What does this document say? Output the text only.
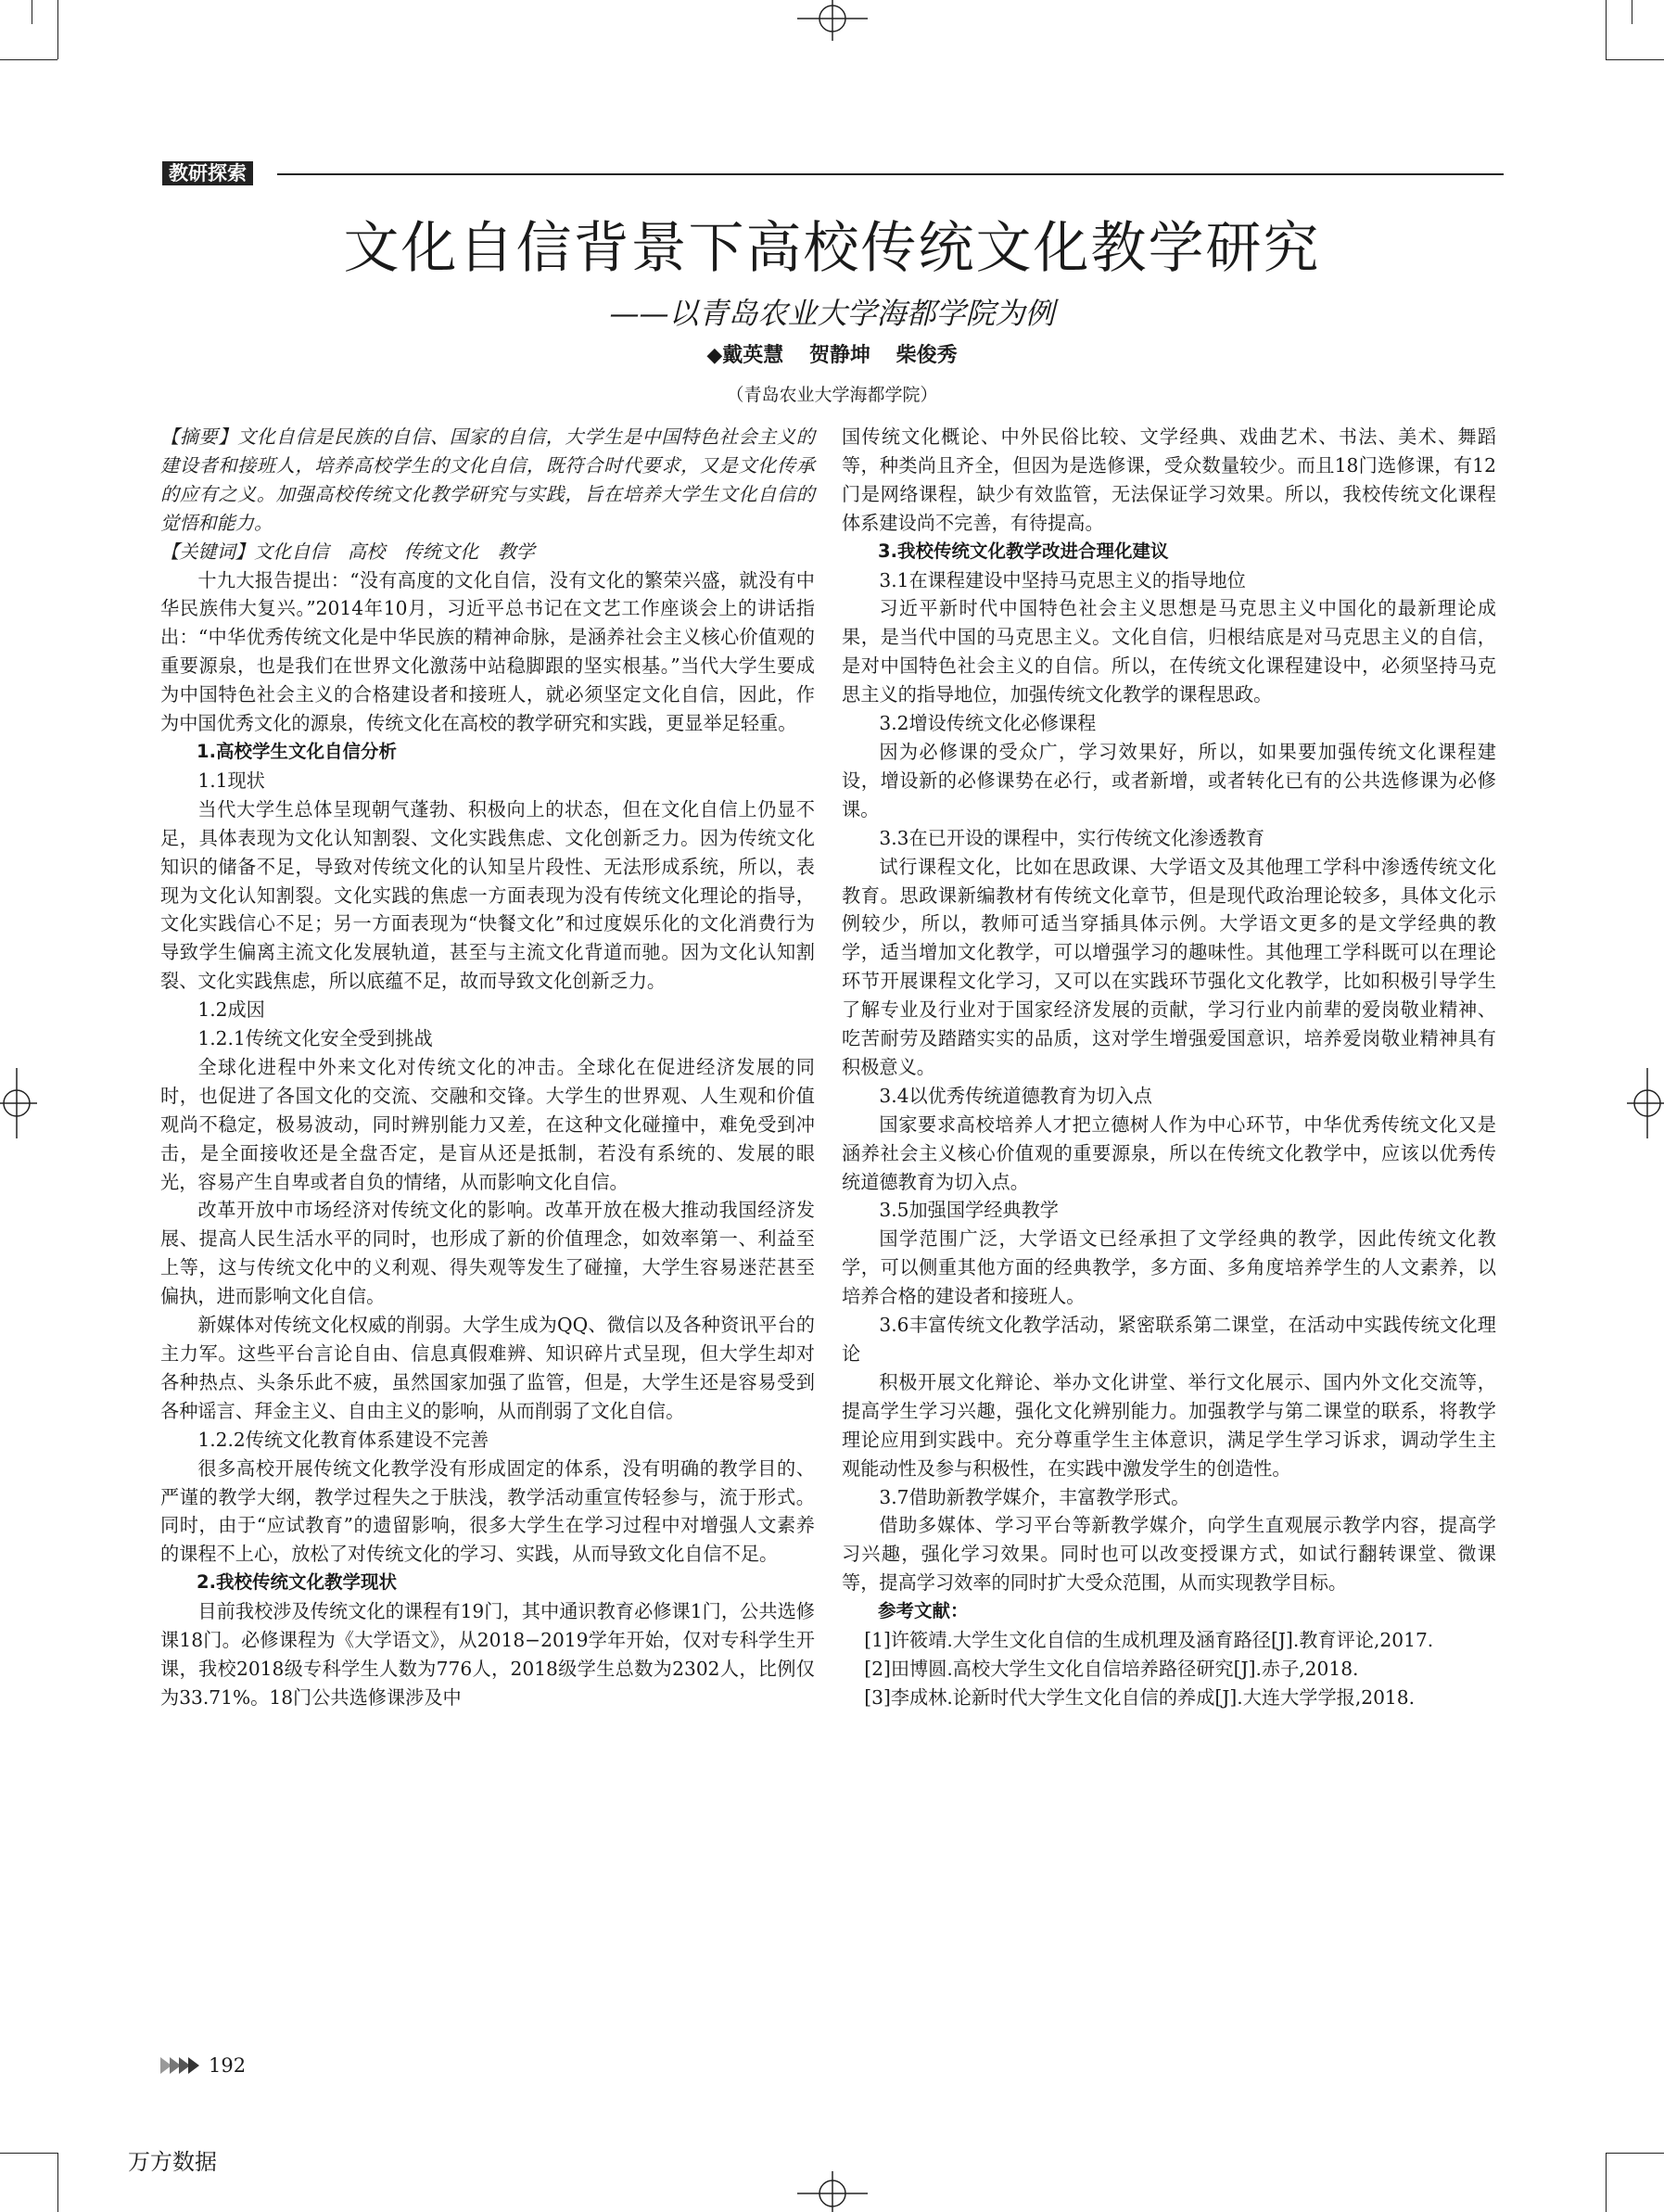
教研探索
文化自信背景下高校传统文化教学研究
——以青岛农业大学海都学院为例
◆戴英慧 贺静坤 柴俊秀
（青岛农业大学海都学院）

【摘要】文化自信是民族的自信、国家的自信，大学生是中国特色社会主义的建设者和接班人，培养高校学生的文化自信，既符合时代要求，又是文化传承的应有之义。加强高校传统文化教学研究与实践，旨在培养大学生文化自信的觉悟和能力。

【关键词】文化自信　高校　传统文化　教学

十九大报告提出：“没有高度的文化自信，没有文化的繁荣兴盛，就没有中华民族伟大复兴。”2014年10月，习近平总书记在文艺工作座谈会上的讲话指出：“中华优秀传统文化是中华民族的精神命脉，是涵养社会主义核心价值观的重要源泉，也是我们在世界文化激荡中站稳脚跟的坚实根基。”当代大学生要成为中国特色社会主义的合格建设者和接班人，就必须坚定文化自信，因此，作为中国优秀文化的源泉，传统文化在高校的教学研究和实践，更显举足轻重。

1.高校学生文化自信分析

1.1现状

当代大学生总体呈现朝气蓬勃、积极向上的状态，但在文化自信上仍显不足，具体表现为文化认知割裂、文化实践焦虑、文化创新乏力。因为传统文化知识的储备不足，导致对传统文化的认知呈片段性、无法形成系统，所以，表现为文化认知割裂。文化实践的焦虑一方面表现为没有传统文化理论的指导，文化实践信心不足；另一方面表现为“快餐文化”和过度娱乐化的文化消费行为导致学生偏离主流文化发展轨道，甚至与主流文化背道而驰。因为文化认知割裂、文化实践焦虑，所以底蕴不足，故而导致文化创新乏力。

1.2成因

1.2.1传统文化安全受到挑战

全球化进程中外来文化对传统文化的冲击。全球化在促进经济发展的同时，也促进了各国文化的交流、交融和交锋。大学生的世界观、人生观和价值观尚不稳定，极易波动，同时辨别能力又差，在这种文化碰撞中，难免受到冲击，是全面接收还是全盘否定，是盲从还是抵制，若没有系统的、发展的眼光，容易产生自卑或者自负的情绪，从而影响文化自信。

改革开放中市场经济对传统文化的影响。改革开放在极大推动我国经济发展、提高人民生活水平的同时，也形成了新的价值理念，如效率第一、利益至上等，这与传统文化中的义利观、得失观等发生了碰撞，大学生容易迷茫甚至偏执，进而影响文化自信。

新媒体对传统文化权威的削弱。大学生成为QQ、微信以及各种资讯平台的主力军。这些平台言论自由、信息真假难辨、知识碎片式呈现，但大学生却对各种热点、头条乐此不疲，虽然国家加强了监管，但是，大学生还是容易受到各种谣言、拜金主义、自由主义的影响，从而削弱了文化自信。

1.2.2传统文化教育体系建设不完善

很多高校开展传统文化教学没有形成固定的体系，没有明确的教学目的、严谨的教学大纲，教学过程失之于肤浅，教学活动重宣传轻参与，流于形式。同时，由于“应试教育”的遗留影响，很多大学生在学习过程中对增强人文素养的课程不上心，放松了对传统文化的学习、实践，从而导致文化自信不足。

2.我校传统文化教学现状

目前我校涉及传统文化的课程有19门，其中通识教育必修课1门，公共选修课18门。必修课程为《大学语文》，从2018−2019学年开始，仅对专科学生开课，我校2018级专科学生人数为776人，2018级学生总数为2302人，比例仅为33.71%。18门公共选修课涉及中

国传统文化概论、中外民俗比较、文学经典、戏曲艺术、书法、美术、舞蹈等，种类尚且齐全，但因为是选修课，受众数量较少。而且18门选修课，有12门是网络课程，缺少有效监管，无法保证学习效果。所以，我校传统文化课程体系建设尚不完善，有待提高。

3.我校传统文化教学改进合理化建议

3.1在课程建设中坚持马克思主义的指导地位

习近平新时代中国特色社会主义思想是马克思主义中国化的最新理论成果，是当代中国的马克思主义。文化自信，归根结底是对马克思主义的自信，是对中国特色社会主义的自信。所以，在传统文化课程建设中，必须坚持马克思主义的指导地位，加强传统文化教学的课程思政。

3.2增设传统文化必修课程

因为必修课的受众广，学习效果好，所以，如果要加强传统文化课程建设，增设新的必修课势在必行，或者新增，或者转化已有的公共选修课为必修课。

3.3在已开设的课程中，实行传统文化渗透教育

试行课程文化，比如在思政课、大学语文及其他理工学科中渗透传统文化教育。思政课新编教材有传统文化章节，但是现代政治理论较多，具体文化示例较少，所以，教师可适当穿插具体示例。大学语文更多的是文学经典的教学，适当增加文化教学，可以增强学习的趣味性。其他理工学科既可以在理论环节开展课程文化学习，又可以在实践环节强化文化教学，比如积极引导学生了解专业及行业对于国家经济发展的贡献，学习行业内前辈的爱岗敬业精神、吃苦耐劳及踏踏实实的品质，这对学生增强爱国意识，培养爱岗敬业精神具有积极意义。

3.4以优秀传统道德教育为切入点

国家要求高校培养人才把立德树人作为中心环节，中华优秀传统文化又是涵养社会主义核心价值观的重要源泉，所以在传统文化教学中，应该以优秀传统道德教育为切入点。

3.5加强国学经典教学

国学范围广泛，大学语文已经承担了文学经典的教学，因此传统文化教学，可以侧重其他方面的经典教学，多方面、多角度培养学生的人文素养，以培养合格的建设者和接班人。

3.6丰富传统文化教学活动，紧密联系第二课堂，在活动中实践传统文化理论

积极开展文化辩论、举办文化讲堂、举行文化展示、国内外文化交流等，提高学生学习兴趣，强化文化辨别能力。加强教学与第二课堂的联系，将教学理论应用到实践中。充分尊重学生主体意识，满足学生学习诉求，调动学生主观能动性及参与积极性，在实践中激发学生的创造性。

3.7借助新教学媒介，丰富教学形式。

借助多媒体、学习平台等新教学媒介，向学生直观展示教学内容，提高学习兴趣，强化学习效果。同时也可以改变授课方式，如试行翻转课堂、微课等，提高学习效率的同时扩大受众范围，从而实现教学目标。

参考文献：

[1]许筱靖.大学生文化自信的生成机理及涵育路径[J].教育评论,2017.

[2]田博圆.高校大学生文化自信培养路径研究[J].赤子,2018.

[3]李成林.论新时代大学生文化自信的养成[J].大连大学学报,2018.

192
万方数据
